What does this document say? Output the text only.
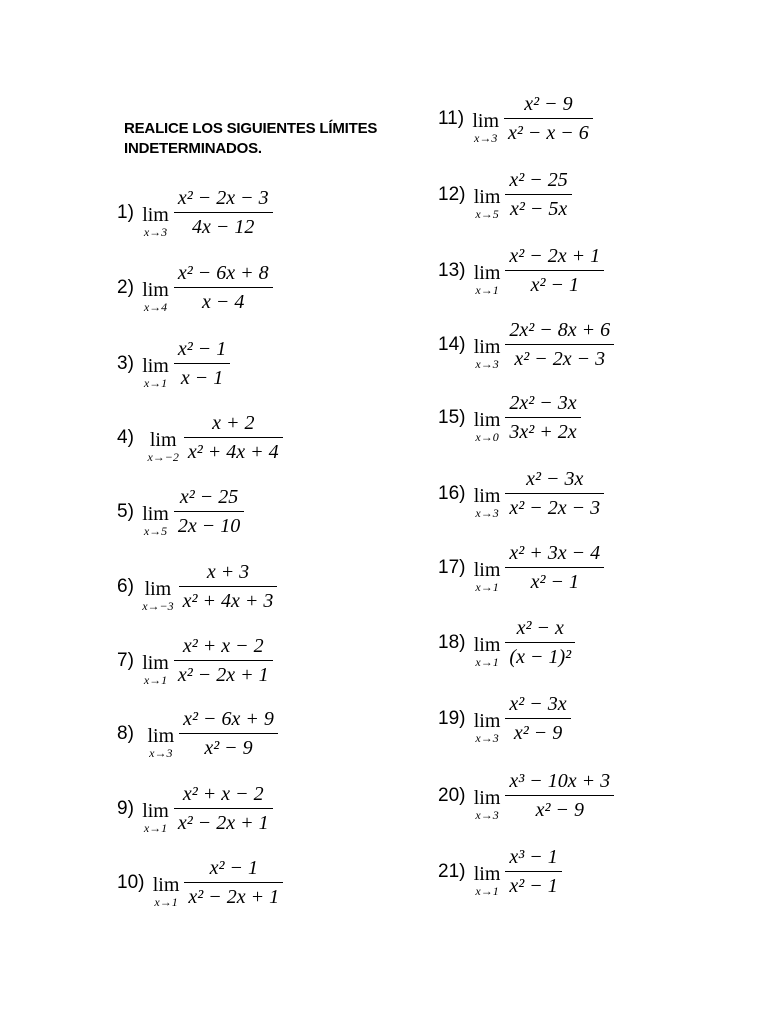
REALICE LOS SIGUIENTES LÍMITES INDETERMINADOS.
1) lim
$x\to 3 \frac{\text{x² − 2x − 3}}{4x - 12}$
2) lim
$x\to 4 \frac{\text{x² − 6x + 8}}{x - 4}$
3) lim
$x\to 1 \frac{\text{x² − 1}}{x - 1}$
4) lim
$x\to-2 \frac{x + 2}{\text{x² + 4x + 4}}$
5) lim
$x\to 5 \frac{\text{x² − 25}}{2x - 10}$
6) lim
$x\to-3 \frac{x + 3}{\text{x² + 4x + 3}}$
7) lim
$x\to 1 \frac{\text{x² + x − 2}}{\text{x² − 2x + 1}}$
8) lim
$x\to 3 \frac{\text{x² − 6x + 9}}{\text{x² − 9}}$
9) lim
$x\to 1 \frac{\text{x² + x − 2}}{\text{x² − 2x + 1}}$
10) lim
$x\to 1 \frac{\text{x² − 1}}{\text{x² − 2x + 1}}$
11) lim
$x\to 3 \frac{\text{x² − 9}}{\text{x² − x − 6}}$
12) lim
$x\to 5 \frac{\text{x² − 25}}{\text{x² − 5x}}$
13) lim
$x\to 1 \frac{\text{x² − 2x + 1}}{\text{x² − 1}}$
14) lim
$x\to 3 \frac{\text{2x² − 8x + 6}}{\text{x² − 2x − 3}}$
15) lim
$x\to 0 \frac{\text{2x² − 3x}}{\text{3x² + 2x}}$
16) lim
$x\to 3 \frac{\text{x² − 3x}}{\text{x² − 2x − 3}}$
17) lim
$x\to 1 \frac{\text{x² + 3x − 4}}{\text{x² − 1}}$
18) lim
$x\to 1 \frac{\text{x² − x}}{\text{(x − 1)²}}$
19) lim
$x\to 3 \frac{\text{x² − 3x}}{\text{x² − 9}}$
20) lim
$x\to 3 \frac{\text{x³ − 10x + 3}}{\text{x² − 9}}$
21) lim
$x\to 1 \frac{\text{x³ − 1}}{\text{x² − 1}}$
